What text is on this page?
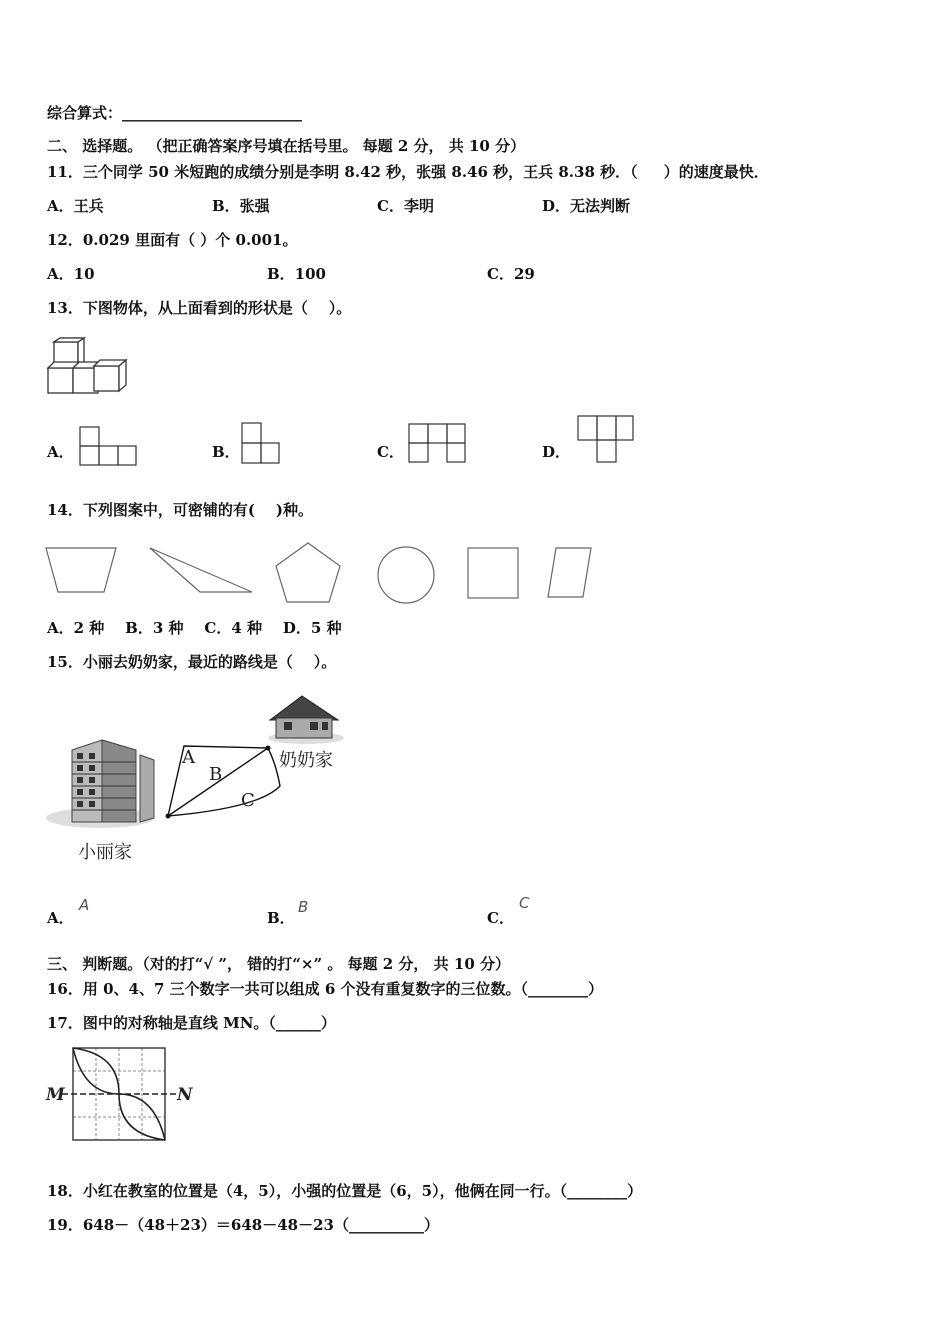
综合算式：________________________
二、 选择题。 （把正确答案序号填在括号里。 每题 2 分， 共 10 分）
11．三个同学 50 米短跑的成绩分别是李明 8.42 秒，张强 8.46 秒，王兵 8.38 秒．（     ）的速度最快．
A．王兵	B．张强	C．李明	D．无法判断
12．0.029 里面有（ ）个 0.001。
A．10	B．100	C．29
13．下图物体，从上面看到的形状是（    ）。
A．	B．	C．	D．
14．下列图案中，可密铺的有(    )种。
A．2 种    B．3 种    C．4 种    D．5 种
15．小丽去奶奶家，最近的路线是（    ）。
A
B
C
奶奶家
小丽家
A．
A
B．
B
C．
C
三、 判断题。（对的打“√ ”， 错的打“×” 。 每题 2 分， 共 10 分）
16．用 0、4、7 三个数字一共可以组成 6 个没有重复数字的三位数。（________）
17．图中的对称轴是直线 MN。（______）
M	N
18．小红在教室的位置是（4，5），小强的位置是（6，5），他俩在同一行。（________）
19．648－（48＋23）＝648－48－23（__________）
